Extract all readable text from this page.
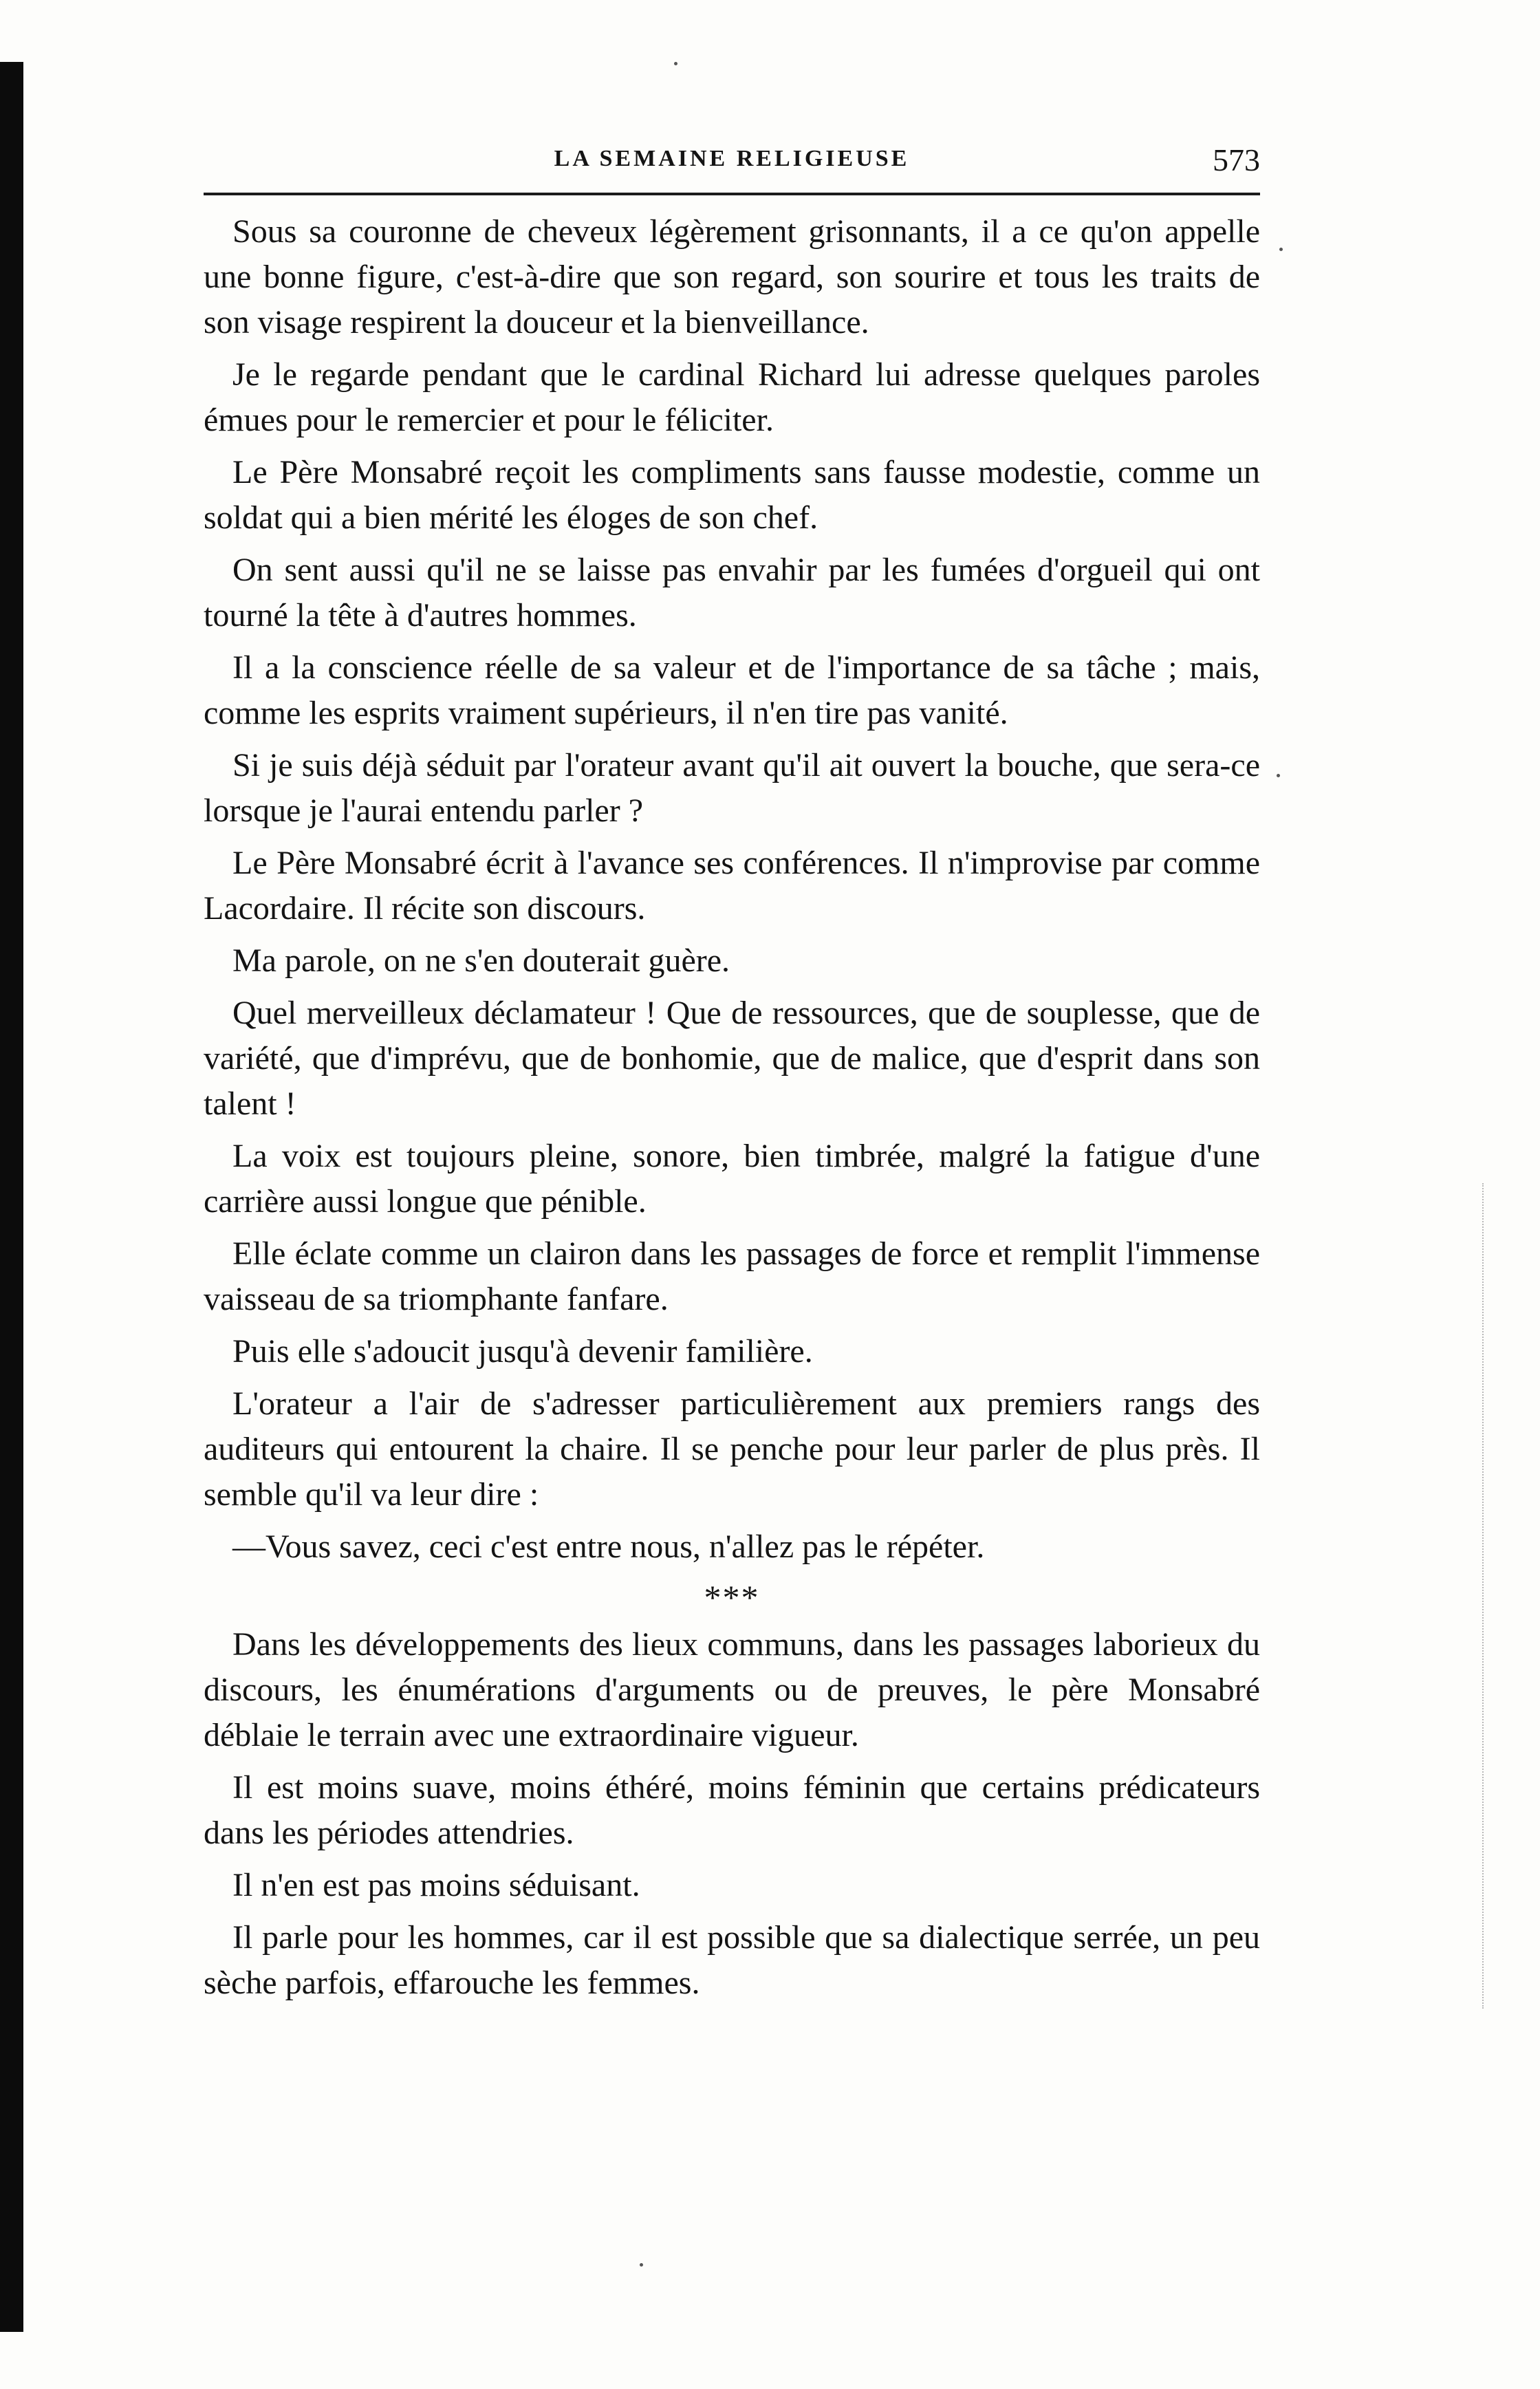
LA SEMAINE RELIGIEUSE	573

Sous sa couronne de cheveux légèrement grisonnants, il a ce qu'on appelle une bonne figure, c'est-à-dire que son regard, son sourire et tous les traits de son visage respirent la douceur et la bienveillance.

Je le regarde pendant que le cardinal Richard lui adresse quelques paroles émues pour le remercier et pour le féliciter.

Le Père Monsabré reçoit les compliments sans fausse modestie, comme un soldat qui a bien mérité les éloges de son chef.

On sent aussi qu'il ne se laisse pas envahir par les fumées d'orgueil qui ont tourné la tête à d'autres hommes.

Il a la conscience réelle de sa valeur et de l'importance de sa tâche ; mais, comme les esprits vraiment supérieurs, il n'en tire pas vanité.

Si je suis déjà séduit par l'orateur avant qu'il ait ouvert la bouche, que sera-ce lorsque je l'aurai entendu parler ?

Le Père Monsabré écrit à l'avance ses conférences. Il n'improvise par comme Lacordaire. Il récite son discours.

Ma parole, on ne s'en douterait guère.

Quel merveilleux déclamateur ! Que de ressources, que de souplesse, que de variété, que d'imprévu, que de bonhomie, que de malice, que d'esprit dans son talent !

La voix est toujours pleine, sonore, bien timbrée, malgré la fatigue d'une carrière aussi longue que pénible.

Elle éclate comme un clairon dans les passages de force et remplit l'immense vaisseau de sa triomphante fanfare.

Puis elle s'adoucit jusqu'à devenir familière.

L'orateur a l'air de s'adresser particulièrement aux premiers rangs des auditeurs qui entourent la chaire. Il se penche pour leur parler de plus près. Il semble qu'il va leur dire :

—Vous savez, ceci c'est entre nous, n'allez pas le répéter.

***

Dans les développements des lieux communs, dans les passages laborieux du discours, les énumérations d'arguments ou de preuves, le père Monsabré déblaie le terrain avec une extraordinaire vigueur.

Il est moins suave, moins éthéré, moins féminin que certains prédicateurs dans les périodes attendries.

Il n'en est pas moins séduisant.

Il parle pour les hommes, car il est possible que sa dialectique serrée, un peu sèche parfois, effarouche les femmes.
